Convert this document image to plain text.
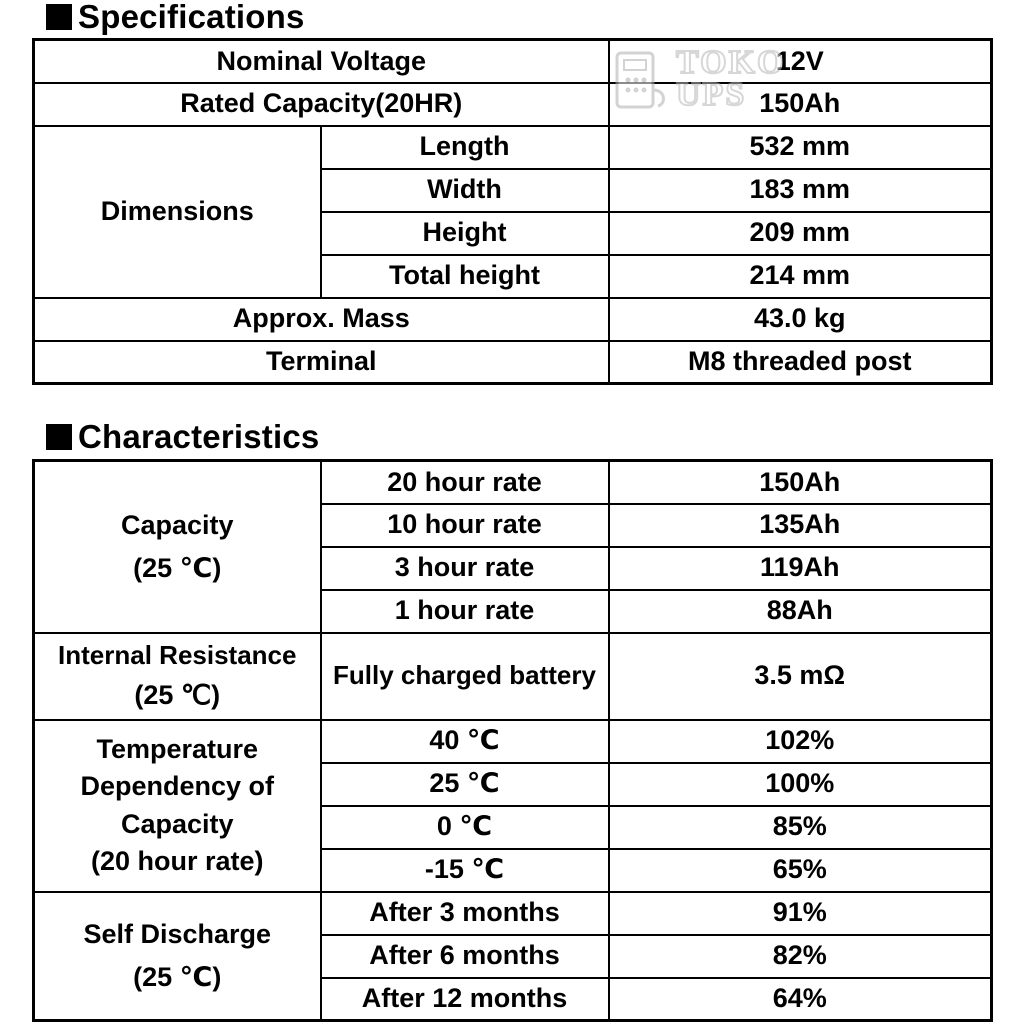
Specifications
Nominal Voltage		12V
Rated Capacity(20HR)		150Ah
Dimensions	Length	532 mm
	Width	183 mm
	Height	209 mm
	Total height	214 mm
Approx. Mass		43.0 kg
Terminal		M8 threaded post
TOKO
UPS
Characteristics
Capacity
(25 ℃)	20 hour rate	150Ah
	10 hour rate	135Ah
	3 hour rate	119Ah
	1 hour rate	88Ah

Internal Resistance
(25 ℃)	Fully charged battery	3.5 mΩ

Temperature
Dependency of
Capacity
(20 hour rate)	40 ℃	102%
	25 ℃	100%
	0 ℃	85%
	-15 ℃	65%

Self Discharge
(25 ℃)	After 3 months	91%
	After 6 months	82%
	After 12 months	64%
